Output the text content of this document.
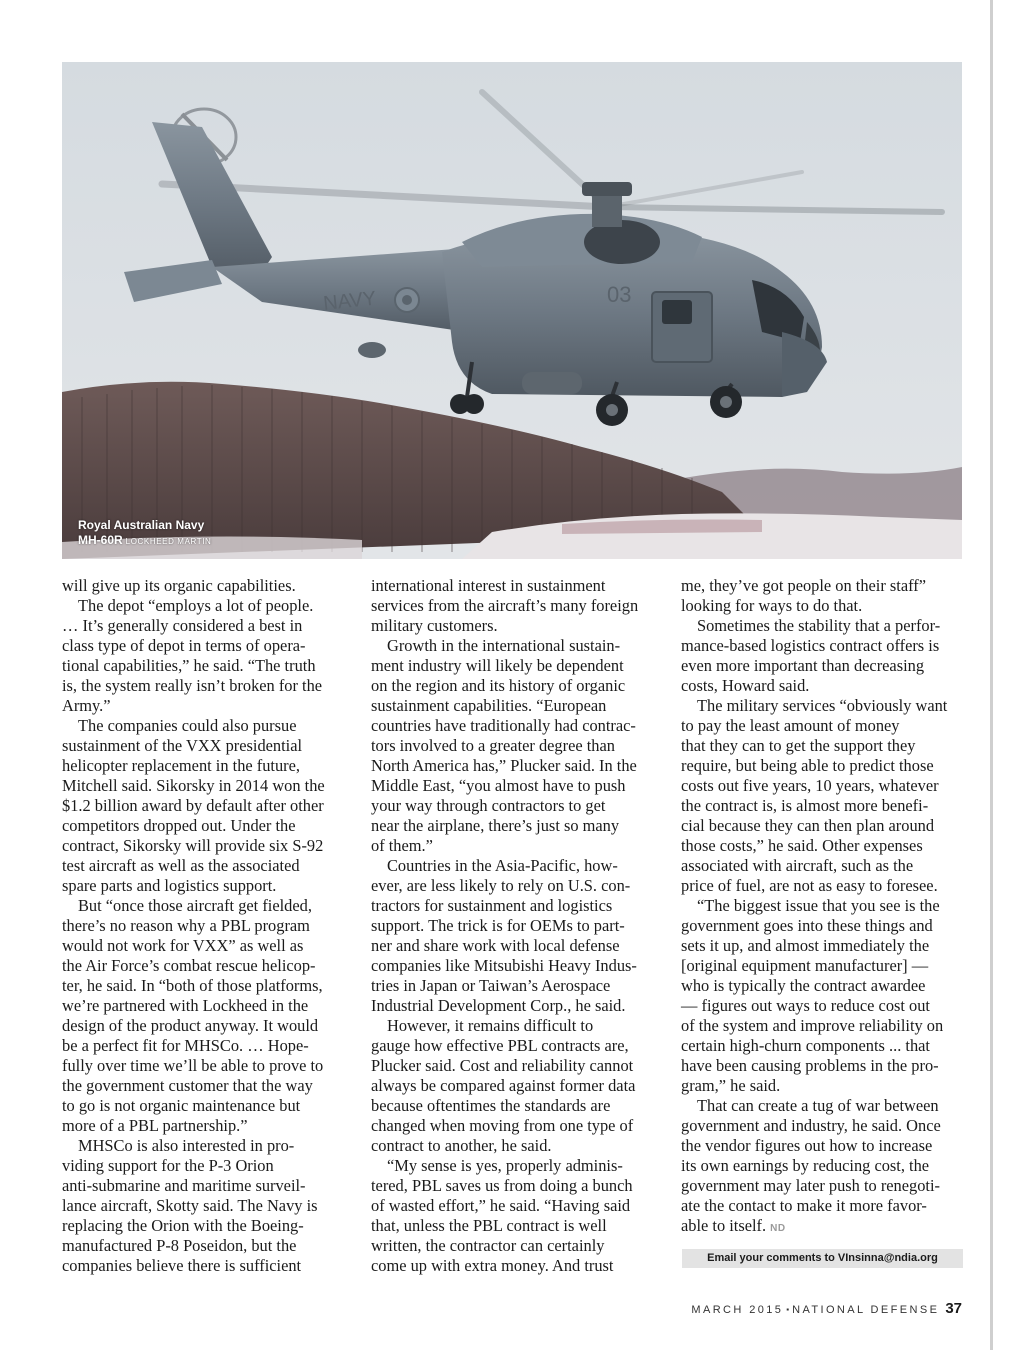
NAVY	03
Royal Australian Navy
MH-60R LOCKHEED MARTIN

will give up its organic capabilities.

The depot “employs a lot of people.
… It’s generally considered a best in
class type of depot in terms of opera-
tional capabilities,” he said. “The truth
is, the system really isn’t broken for the
Army.”

The companies could also pursue
sustainment of the VXX presidential
helicopter replacement in the future,
Mitchell said. Sikorsky in 2014 won the
$1.2 billion award by default after other
competitors dropped out. Under the
contract, Sikorsky will provide six S-92
test aircraft as well as the associated
spare parts and logistics support.

But “once those aircraft get fielded,
there’s no reason why a PBL program
would not work for VXX” as well as
the Air Force’s combat rescue helicop-
ter, he said. In “both of those platforms,
we’re partnered with Lockheed in the
design of the product anyway. It would
be a perfect fit for MHSCo. … Hope-
fully over time we’ll be able to prove to
the government customer that the way
to go is not organic maintenance but
more of a PBL partnership.”

MHSCo is also interested in pro-
viding support for the P-3 Orion
anti-submarine and maritime surveil-
lance aircraft, Skotty said. The Navy is
replacing the Orion with the Boeing-
manufactured P-8 Poseidon, but the
companies believe there is sufficient

international interest in sustainment
services from the aircraft’s many foreign
military customers.

Growth in the international sustain-
ment industry will likely be dependent
on the region and its history of organic
sustainment capabilities. “European
countries have traditionally had contrac-
tors involved to a greater degree than
North America has,” Plucker said. In the
Middle East, “you almost have to push
your way through contractors to get
near the airplane, there’s just so many
of them.”

Countries in the Asia-Pacific, how-
ever, are less likely to rely on U.S. con-
tractors for sustainment and logistics
support. The trick is for OEMs to part-
ner and share work with local defense
companies like Mitsubishi Heavy Indus-
tries in Japan or Taiwan’s Aerospace
Industrial Development Corp., he said.

However, it remains difficult to
gauge how effective PBL contracts are,
Plucker said. Cost and reliability cannot
always be compared against former data
because oftentimes the standards are
changed when moving from one type of
contract to another, he said.

“My sense is yes, properly adminis-
tered, PBL saves us from doing a bunch
of wasted effort,” he said. “Having said
that, unless the PBL contract is well
written, the contractor can certainly
come up with extra money. And trust

me, they’ve got people on their staff”
looking for ways to do that.

Sometimes the stability that a perfor-
mance-based logistics contract offers is
even more important than decreasing
costs, Howard said.

The military services “obviously want
to pay the least amount of money
that they can to get the support they
require, but being able to predict those
costs out five years, 10 years, whatever
the contract is, is almost more benefi-
cial because they can then plan around
those costs,” he said. Other expenses
associated with aircraft, such as the
price of fuel, are not as easy to foresee.

“The biggest issue that you see is the
government goes into these things and
sets it up, and almost immediately the
[original equipment manufacturer] —
who is typically the contract awardee
— figures out ways to reduce cost out
of the system and improve reliability on
certain high-churn components ... that
have been causing problems in the pro-
gram,” he said.

That can create a tug of war between
government and industry, he said. Once
the vendor figures out how to increase
its own earnings by reducing cost, the
government may later push to renegoti-
ate the contact to make it more favor-
able to itself. ND

Email your comments to VInsinna@ndia.org
MARCH 2015 ▪ NATIONAL DEFENSE 37
